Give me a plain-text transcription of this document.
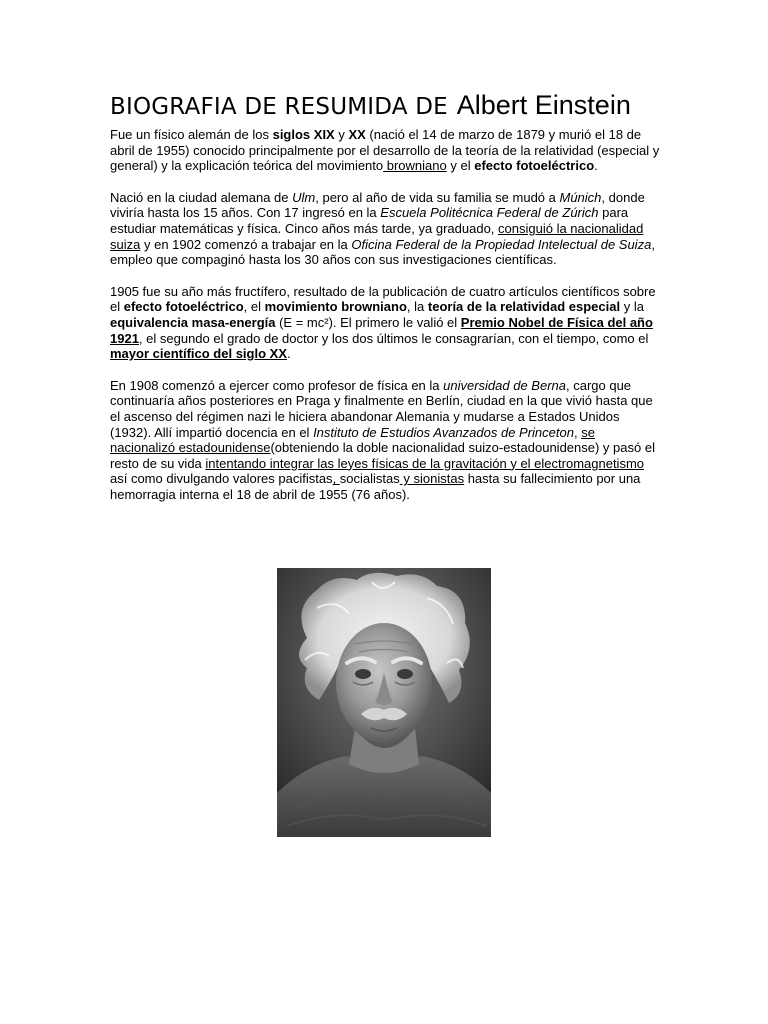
BIOGRAFIA DE RESUMIDA DE Albert Einstein

Fue un físico alemán de los siglos XIX y XX (nació el 14 de marzo de 1879 y murió el 18 de abril de 1955) conocido principalmente por el desarrollo de la teoría de la relatividad (especial y general) y la explicación teórica del movimiento browniano y el efecto fotoeléctrico.

Nació en la ciudad alemana de Ulm, pero al año de vida su familia se mudó a Múnich, donde viviría hasta los 15 años. Con 17 ingresó en la Escuela Politécnica Federal de Zúrich para estudiar matemáticas y física. Cinco años más tarde, ya graduado, consiguió la nacionalidad suiza y en 1902 comenzó a trabajar en la Oficina Federal de la Propiedad Intelectual de Suiza, empleo que compaginó hasta los 30 años con sus investigaciones científicas.

1905 fue su año más fructífero, resultado de la publicación de cuatro artículos científicos sobre el efecto fotoeléctrico, el movimiento browniano, la teoría de la relatividad especial y la equivalencia masa-energía (E = mc²). El primero le valió el Premio Nobel de Física del año 1921, el segundo el grado de doctor y los dos últimos le consagrarían, con el tiempo, como el mayor científico del siglo XX.

En 1908 comenzó a ejercer como profesor de física en la universidad de Berna, cargo que continuaría años posteriores en Praga y finalmente en Berlín, ciudad en la que vivió hasta que el ascenso del régimen nazi le hiciera abandonar Alemania y mudarse a Estados Unidos (1932). Allí impartió docencia en el Instituto de Estudios Avanzados de Princeton, se nacionalizó estadounidense(obteniendo la doble nacionalidad suizo-estadounidense) y pasó el resto de su vida intentando integrar las leyes físicas de la gravitación y el electromagnetismo así como divulgando valores pacifistas, socialistas y sionistas hasta su fallecimiento por una hemorragia interna el 18 de abril de 1955 (76 años).
